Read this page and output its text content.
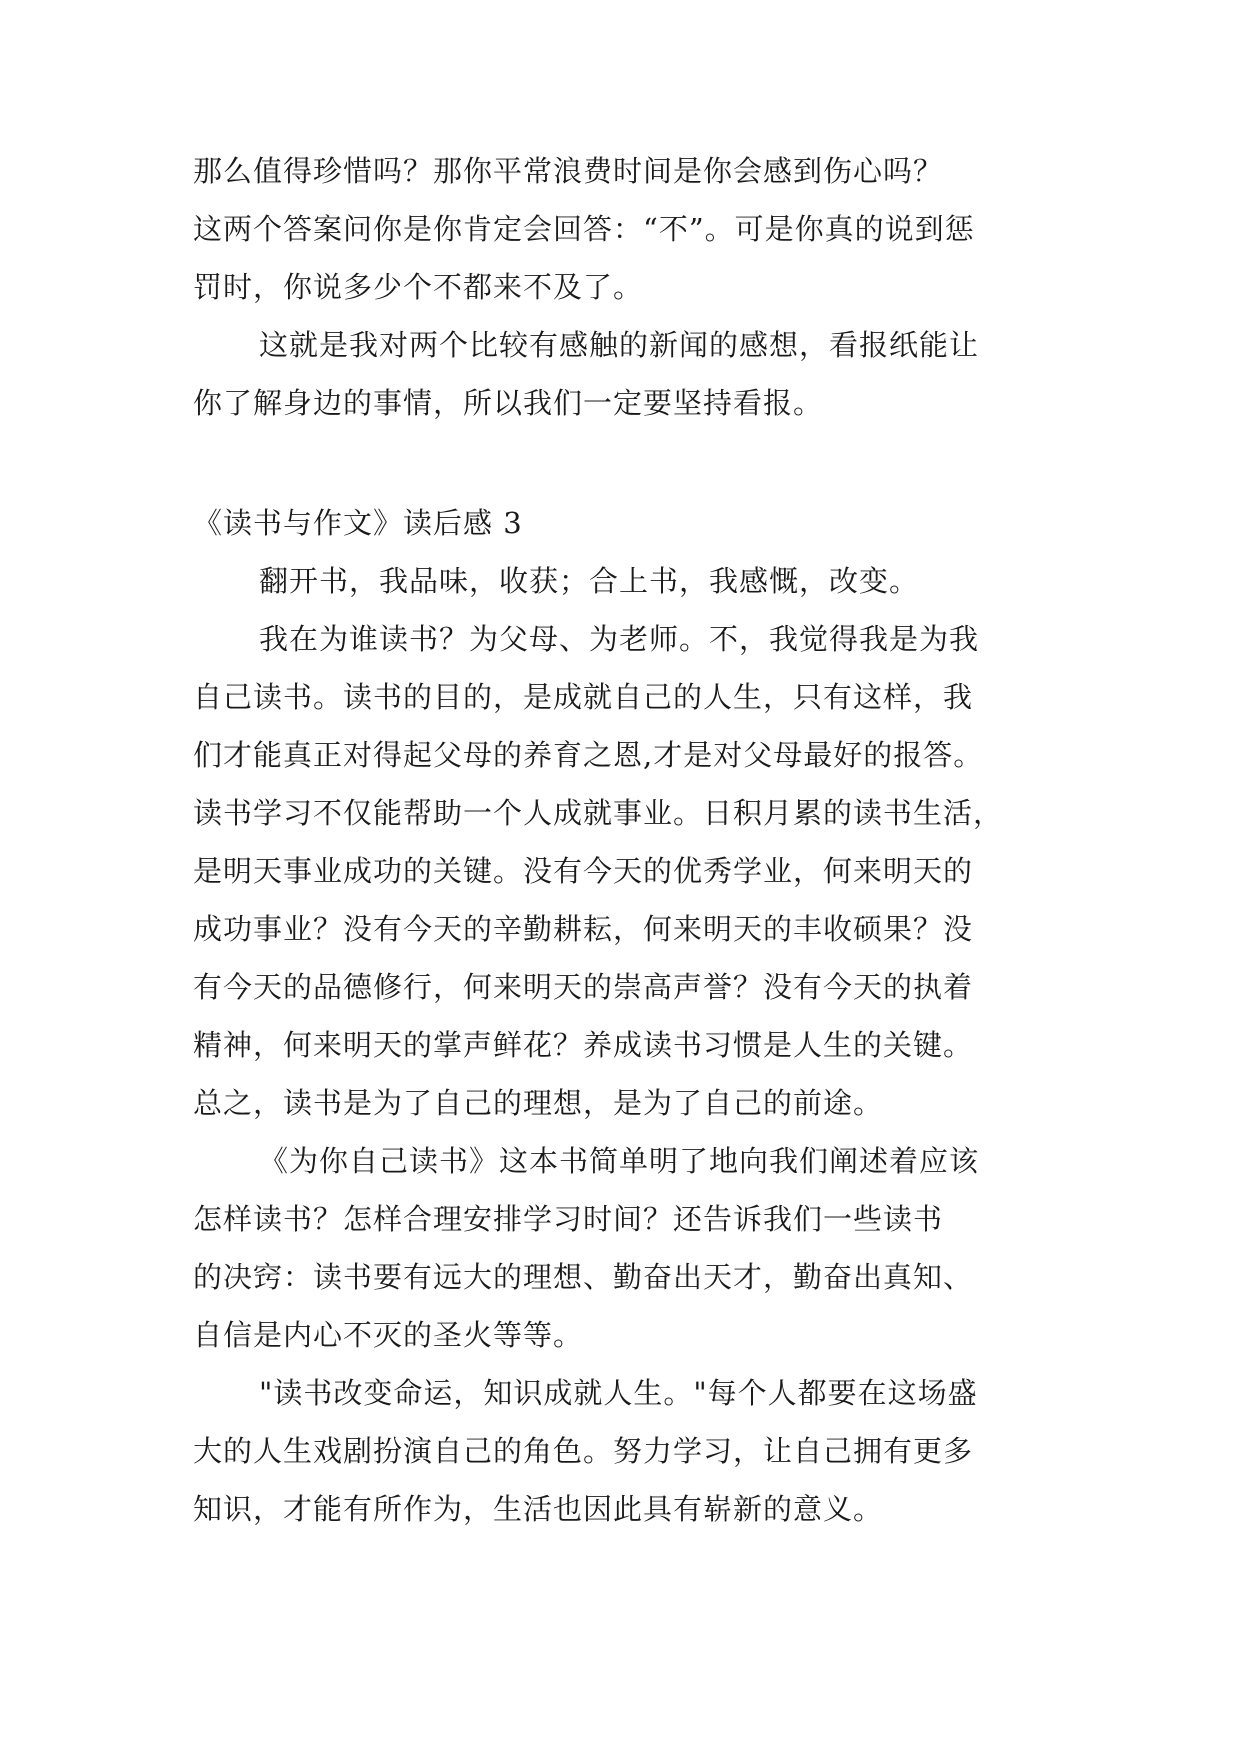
那么值得珍惜吗？那你平常浪费时间是你会感到伤心吗？
这两个答案问你是你肯定会回答：“不”。可是你真的说到惩
罚时，你说多少个不都来不及了。
这就是我对两个比较有感触的新闻的感想，看报纸能让
你了解身边的事情，所以我们一定要坚持看报。
《读书与作文》读后感 3
翻开书，我品味，收获；合上书，我感慨，改变。
我在为谁读书？为父母、为老师。不，我觉得我是为我
自己读书。读书的目的，是成就自己的人生，只有这样，我
们才能真正对得起父母的养育之恩,才是对父母最好的报答。
读书学习不仅能帮助一个人成就事业。日积月累的读书生活，
是明天事业成功的关键。没有今天的优秀学业，何来明天的
成功事业？没有今天的辛勤耕耘，何来明天的丰收硕果？没
有今天的品德修行，何来明天的崇高声誉？没有今天的执着
精神，何来明天的掌声鲜花？养成读书习惯是人生的关键。
总之，读书是为了自己的理想，是为了自己的前途。
《为你自己读书》这本书简单明了地向我们阐述着应该
怎样读书？怎样合理安排学习时间？还告诉我们一些读书
的决窍：读书要有远大的理想、勤奋出天才，勤奋出真知、
自信是内心不灭的圣火等等。
"读书改变命运，知识成就人生。"每个人都要在这场盛
大的人生戏剧扮演自己的角色。努力学习，让自己拥有更多
知识，才能有所作为，生活也因此具有崭新的意义。
